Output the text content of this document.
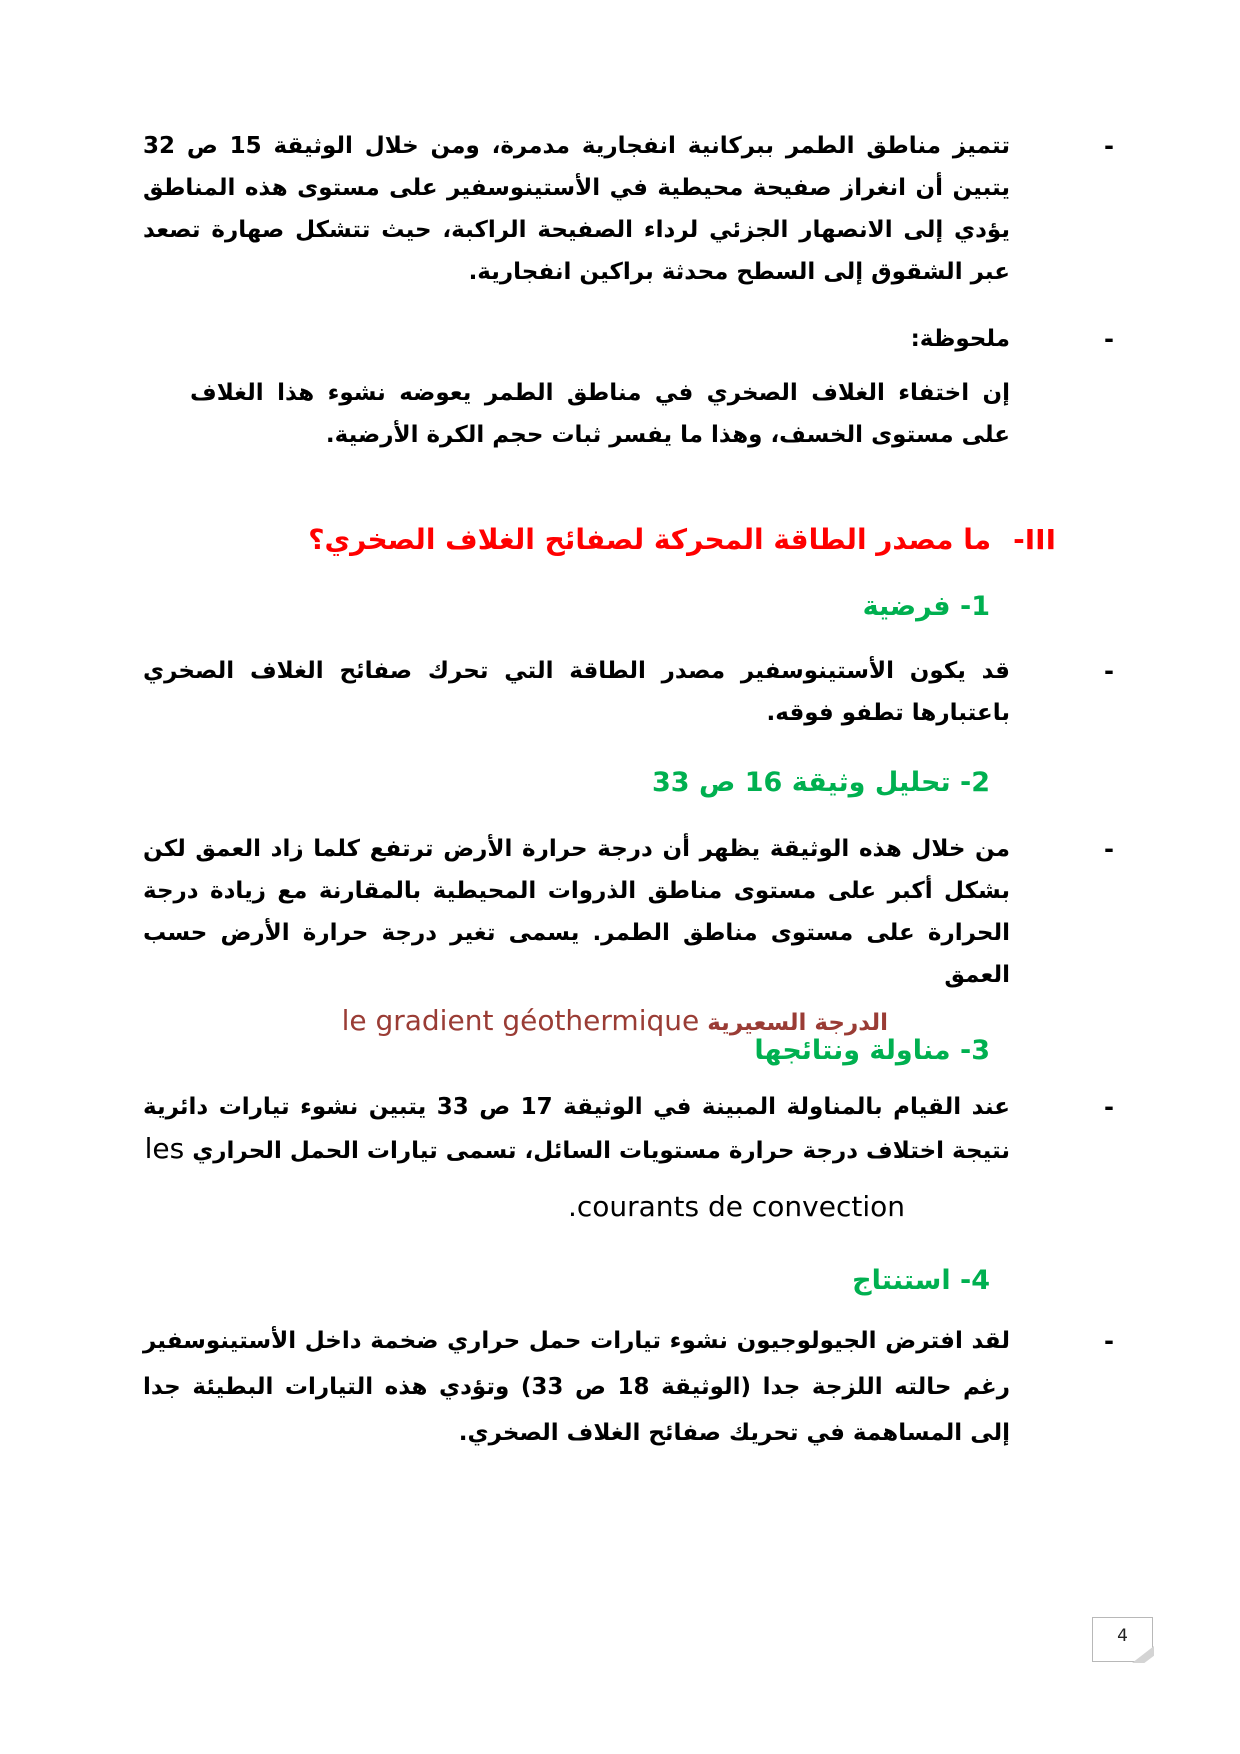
-
تتميز مناطق الطمر ببركانية انفجارية مدمرة، ومن خلال الوثيقة 15 ص 32 يتبين أن انغراز صفيحة محيطية في الأستينوسفير على مستوى هذه المناطق يؤدي إلى الانصهار الجزئي لرداء الصفيحة الراكبة، حيث تتشكل صهارة تصعد عبر الشقوق إلى السطح محدثة براكين انفجارية.
-
ملحوظة:
إن اختفاء الغلاف الصخري في مناطق الطمر يعوضه نشوء هذا الغلاف على مستوى الخسف، وهذا ما يفسر ثبات حجم الكرة الأرضية.
III-
ما مصدر الطاقة المحركة لصفائح الغلاف الصخري؟
1- فرضية
-
قد يكون الأستينوسفير مصدر الطاقة التي تحرك صفائح الغلاف الصخري باعتبارها تطفو فوقه.
2- تحليل وثيقة 16 ص 33
-
من خلال هذه الوثيقة يظهر أن درجة حرارة الأرض ترتفع كلما زاد العمق لكن بشكل أكبر على مستوى مناطق الذروات المحيطية بالمقارنة مع زيادة درجة الحرارة على مستوى مناطق الطمر. يسمى تغير درجة حرارة الأرض حسب العمق
الدرجة السعيرية le gradient géothermique
3- مناولة ونتائجها
-
عند القيام بالمناولة المبينة في الوثيقة 17 ص 33 يتبين نشوء تيارات دائرية نتيجة اختلاف درجة حرارة مستويات السائل، تسمى تيارات الحمل الحراري les
courants de convection.
4- استنتاج
-
لقد افترض الجيولوجيون نشوء تيارات حمل حراري ضخمة داخل الأستينوسفير رغم حالته اللزجة جدا (الوثيقة 18 ص 33) وتؤدي هذه التيارات البطيئة جدا إلى المساهمة في تحريك صفائح الغلاف الصخري.
4
